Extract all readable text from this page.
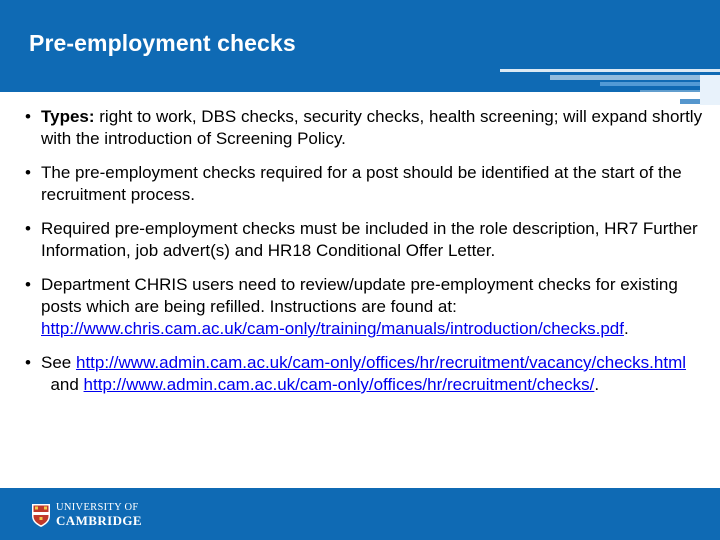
Pre-employment checks
• Types: right to work, DBS checks, security checks, health screening; will expand shortly with the introduction of Screening Policy.
• The pre-employment checks required for a post should be identified at the start of the recruitment process.
• Required pre-employment checks must be included in the role description, HR7 Further Information, job advert(s) and HR18 Conditional Offer Letter.
• Department CHRIS users need to review/update pre-employment checks for existing posts which are being refilled. Instructions are found at: http://www.chris.cam.ac.uk/cam-only/training/manuals/introduction/checks.pdf.
• See http://www.admin.cam.ac.uk/cam-only/offices/hr/recruitment/vacancy/checks.html  and http://www.admin.cam.ac.uk/cam-only/offices/hr/recruitment/checks/.
UNIVERSITY OF
CAMBRIDGE
